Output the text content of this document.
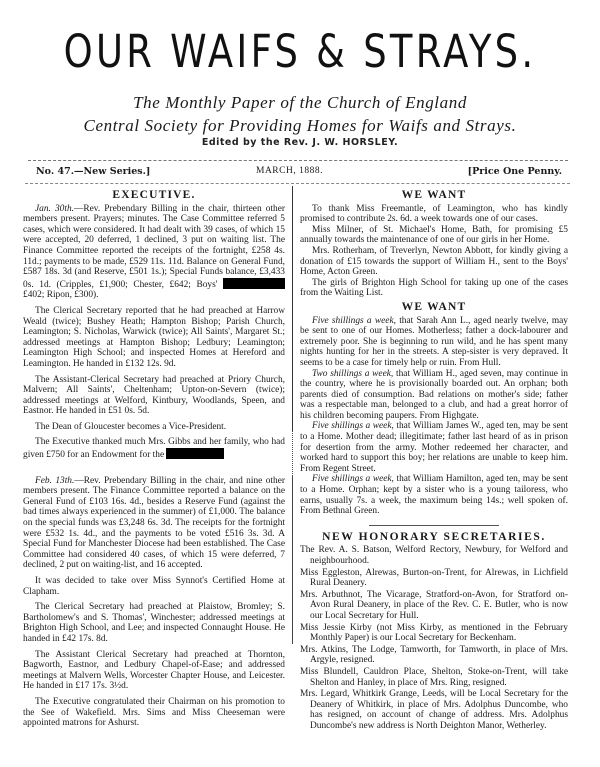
OUR WAIFS & STRAYS.
The Monthly Paper of the Church of England
Central Society for Providing Homes for Waifs and Strays.
Edited by the Rev. J. W. HORSLEY.
No. 47.—New Series.]	MARCH, 1888.	[Price One Penny.
EXECUTIVE.

Jan. 30th.—Rev. Prebendary Billing in the chair, thirteen other members present. Prayers; minutes. The Case Committee referred 5 cases, which were considered. It had dealt with 39 cases, of which 15 were accepted, 20 deferred, 1 declined, 3 put on waiting list. The Finance Committee reported the receipts of the fortnight, £258 4s. 11d.; payments to be made, £529 11s. 11d. Balance on General Fund, £587 18s. 3d (and Reserve, £501 1s.); Special Funds balance, £3,433 0s. 1d. (Cripples, £1,900; Chester, £642; Boys'  £402; Ripon, £300).

The Clerical Secretary reported that he had preached at Harrow Weald (twice); Bushey Heath; Hampton Bishop; Parish Church, Leamington; S. Nicholas, Warwick (twice); All Saints', Margaret St.; addressed meetings at Hampton Bishop; Ledbury; Leamington; Leamington High School; and inspected Homes at Hereford and Leamington. He handed in £132 12s. 9d.

The Assistant-Clerical Secretary had preached at Priory Church, Malvern; All Saints', Cheltenham; Upton-on-Severn (twice); addressed meetings at Welford, Kintbury, Woodlands, Speen, and Eastnor. He handed in £51 0s. 5d.

The Dean of Gloucester becomes a Vice-President.

The Executive thanked much Mrs. Gibbs and her family, who had given £750 for an Endowment for the

Feb. 13th.—Rev. Prebendary Billing in the chair, and nine other members present. The Finance Committee reported a balance on the General Fund of £103 16s. 4d., besides a Reserve Fund (against the bad times always experienced in the summer) of £1,000. The balance on the special funds was £3,248 6s. 3d. The receipts for the fortnight were £532 1s. 4d., and the payments to be voted £516 3s. 3d. A Special Fund for Manchester Diocese had been established. The Case Committee had considered 40 cases, of which 15 were deferred, 7 declined, 2 put on waiting-list, and 16 accepted.

It was decided to take over Miss Synnot's Certified Home at Clapham.

The Clerical Secretary had preached at Plaistow, Bromley; S. Bartholomew's and S. Thomas', Winchester; addressed meetings at Brighton High School, and Lee; and inspected Connaught House. He handed in £42 17s. 8d.

The Assistant Clerical Secretary had preached at Thornton, Bagworth, Eastnor, and Ledbury Chapel-of-Ease; and addressed meetings at Malvern Wells, Worcester Chapter House, and Leicester. He handed in £17 17s. 3½d.

The Executive congratulated their Chairman on his promotion to the See of Wakefield. Mrs. Sims and Miss Cheeseman were appointed matrons for Ashurst.

WE WANT

To thank Miss Freemantle, of Leamington, who has kindly promised to contribute 2s. 6d. a week towards one of our cases.

Miss Milner, of St. Michael's Home, Bath, for promising £5 annually towards the maintenance of one of our girls in her Home.

Mrs. Rotherham, of Treverlyn, Newton Abbott, for kindly giving a donation of £15 towards the support of William H., sent to the Boys' Home, Acton Green.

The girls of Brighton High School for taking up one of the cases from the Waiting List.

WE WANT

Five shillings a week, that Sarah Ann L., aged nearly twelve, may be sent to one of our Homes. Motherless; father a dock-labourer and extremely poor. She is beginning to run wild, and he has spent many nights hunting for her in the streets. A step-sister is very depraved. It seems to be a case for timely help or ruin. From Hull.

Two shillings a week, that William H., aged seven, may continue in the country, where he is provisionally boarded out. An orphan; both parents died of consumption. Bad relations on mother's side; father was a respectable man, belonged to a club, and had a great horror of his children becoming paupers. From Highgate.

Five shillings a week, that William James W., aged ten, may be sent to a Home. Mother dead; illegitimate; father last heard of as in prison for desertion from the army. Mother redeemed her character, and worked hard to support this boy; her relations are unable to keep him. From Regent Street.

Five shillings a week, that William Hamilton, aged ten, may be sent to a Home. Orphan; kept by a sister who is a young tailoress, who earns, usually 7s. a week, the maximum being 14s.; well spoken of. From Bethnal Green.

NEW HONORARY SECRETARIES.
The Rev. A. S. Batson, Welford Rectory, Newbury, for Welford and neighbourhood.
Miss Eggleston, Alrewas, Burton-on-Trent, for Alrewas, in Lichfield Rural Deanery.
Mrs. Arbuthnot, The Vicarage, Stratford-on-Avon, for Stratford on-Avon Rural Deanery, in place of the Rev. C. E. Butler, who is now our Local Secretary for Hull.
Miss Jessie Kirby (not Miss Kirby, as mentioned in the February Monthly Paper) is our Local Secretary for Beckenham.
Mrs. Atkins, The Lodge, Tamworth, for Tamworth, in place of Mrs. Argyle, resigned.
Miss Blundell, Cauldron Place, Shelton, Stoke-on-Trent, will take Shelton and Hanley, in place of Mrs. Ring, resigned.
Mrs. Legard, Whitkirk Grange, Leeds, will be Local Secretary for the Deanery of Whitkirk, in place of Mrs. Adolphus Duncombe, who has resigned, on account of change of address. Mrs. Adolphus Duncombe's new address is North Deighton Manor, Wetherley.
